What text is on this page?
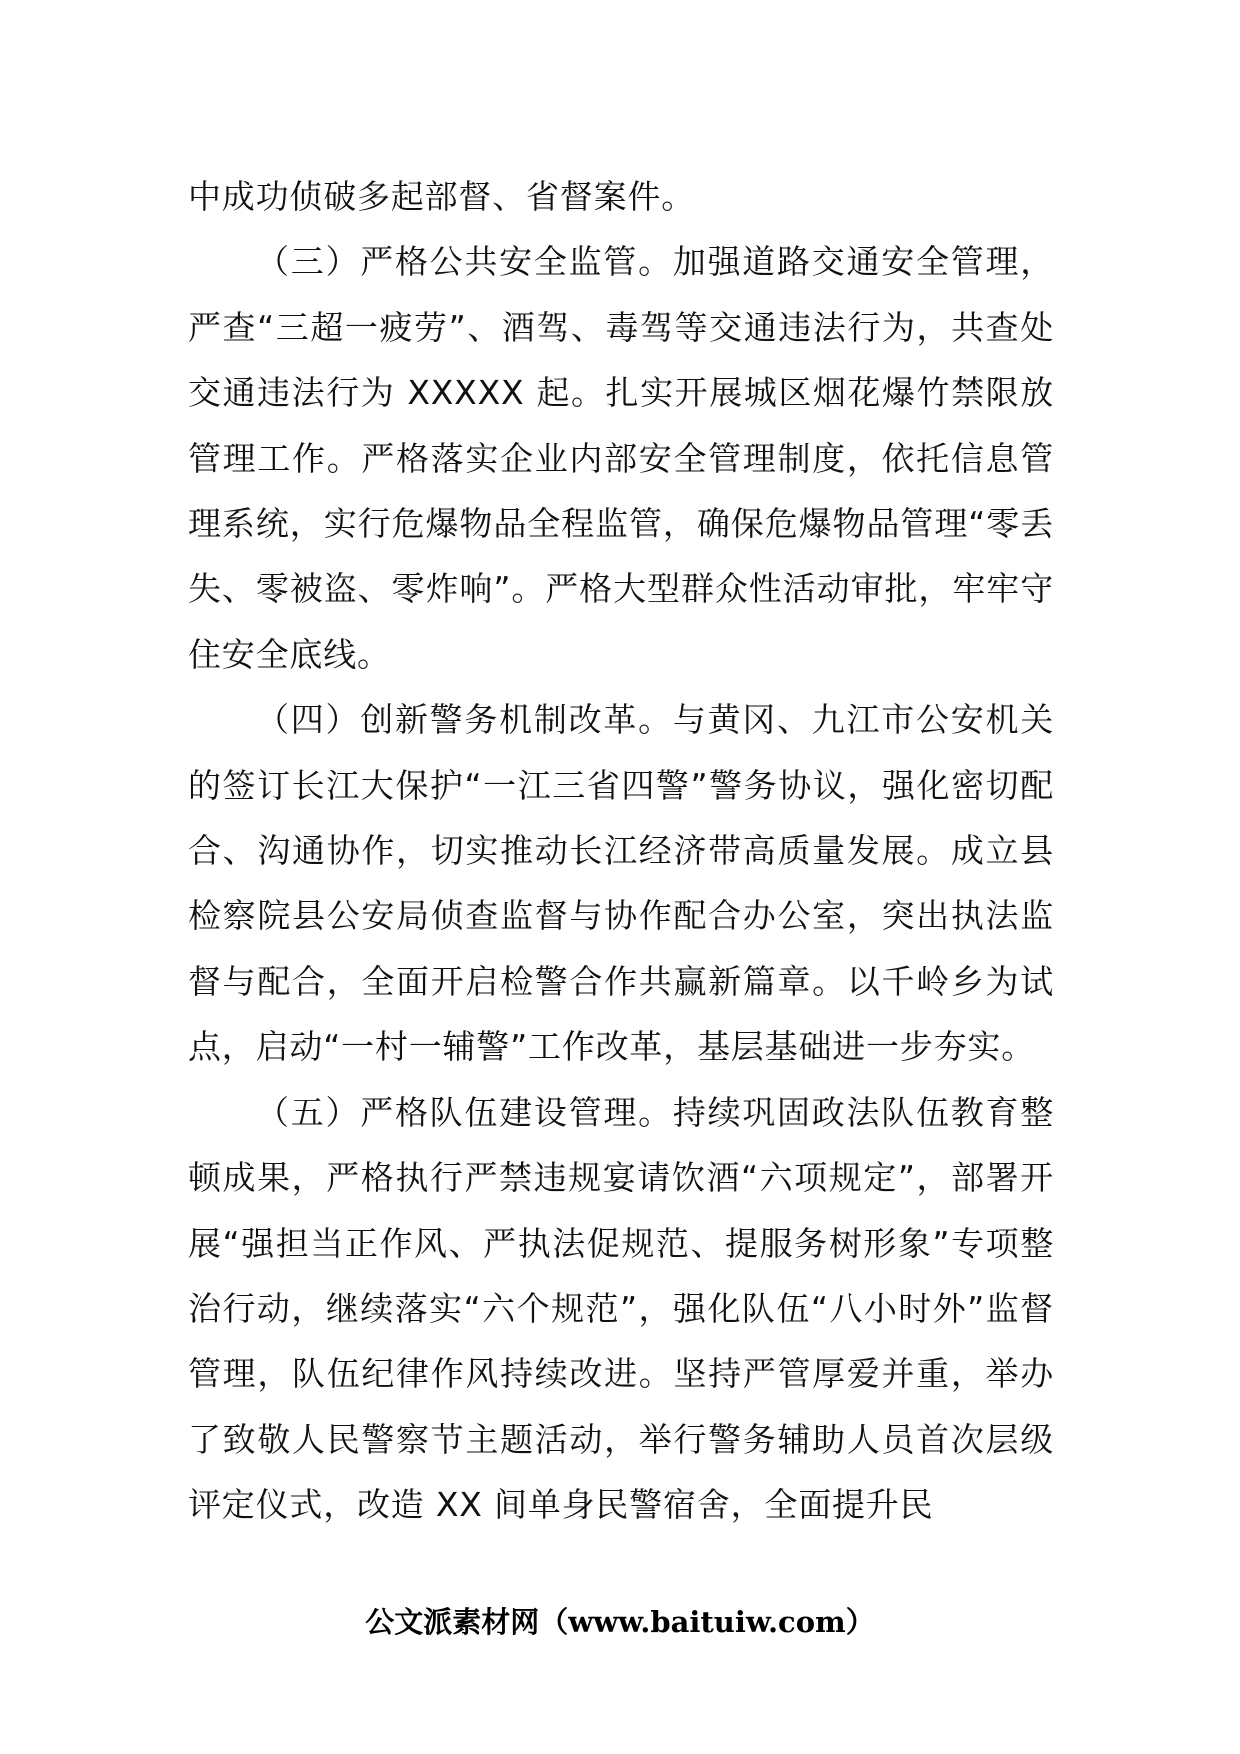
中成功侦破多起部督、省督案件。

（三）严格公共安全监管。加强道路交通安全管理，严查“三超一疲劳”、酒驾、毒驾等交通违法行为，共查处交通违法行为 XXXXX 起。扎实开展城区烟花爆竹禁限放管理工作。严格落实企业内部安全管理制度，依托信息管理系统，实行危爆物品全程监管，确保危爆物品管理“零丢失、零被盗、零炸响”。严格大型群众性活动审批，牢牢守住安全底线。

（四）创新警务机制改革。与黄冈、九江市公安机关的签订长江大保护“一江三省四警”警务协议，强化密切配合、沟通协作，切实推动长江经济带高质量发展。成立县检察院县公安局侦查监督与协作配合办公室，突出执法监督与配合，全面开启检警合作共赢新篇章。以千岭乡为试点，启动“一村一辅警”工作改革，基层基础进一步夯实。

（五）严格队伍建设管理。持续巩固政法队伍教育整顿成果，严格执行严禁违规宴请饮酒“六项规定”，部署开展“强担当正作风、严执法促规范、提服务树形象”专项整治行动，继续落实“六个规范”，强化队伍“八小时外”监督管理，队伍纪律作风持续改进。坚持严管厚爱并重，举办了致敬人民警察节主题活动，举行警务辅助人员首次层级评定仪式，改造 XX 间单身民警宿舍，全面提升民

公文派素材网（www.baituiw.com）
